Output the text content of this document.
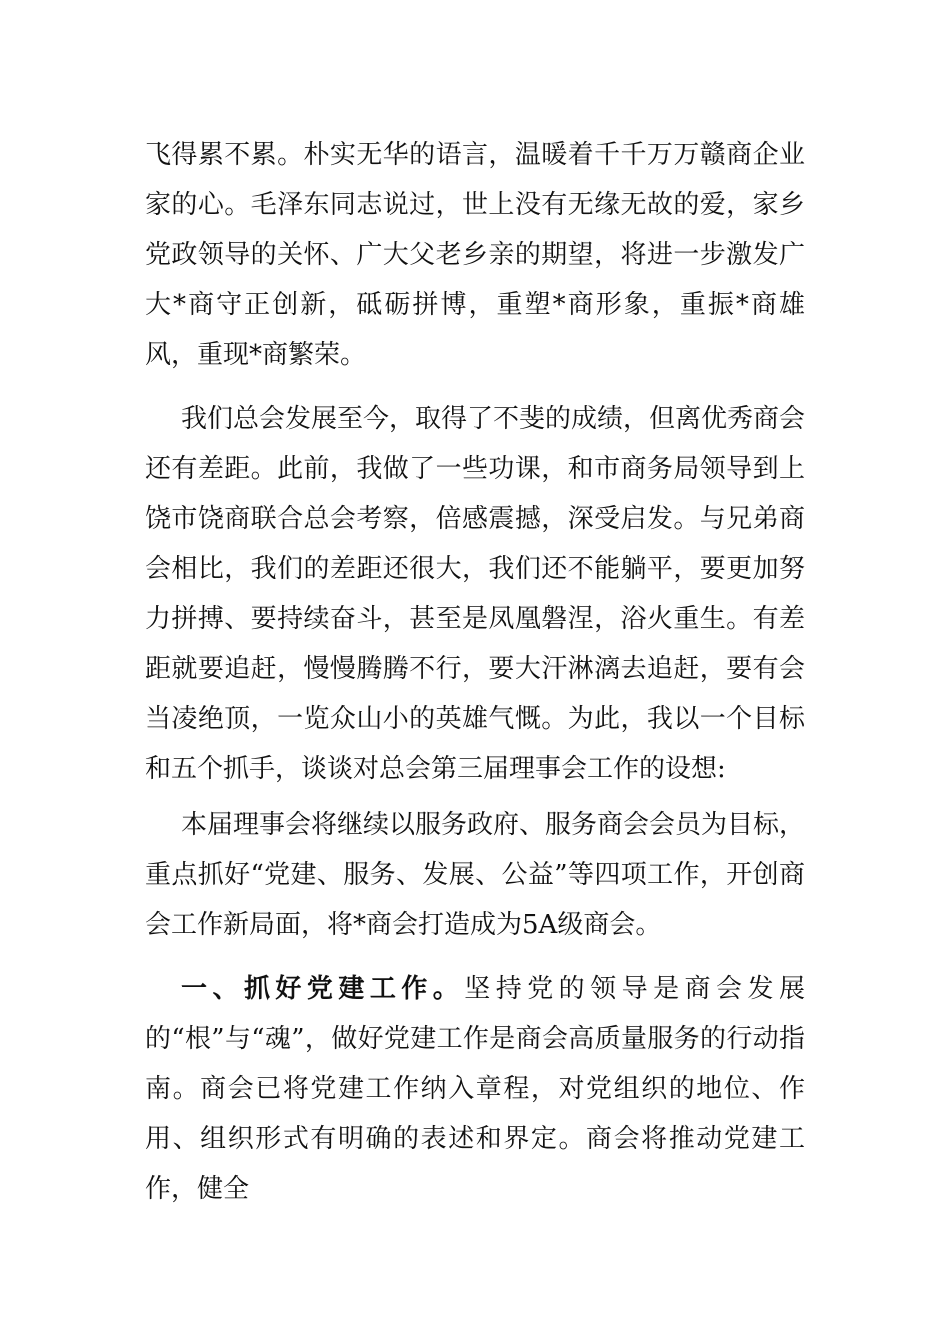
飞得累不累。朴实无华的语言，温暖着千千万万赣商企业家的心。毛泽东同志说过，世上没有无缘无故的爱，家乡党政领导的关怀、广大父老乡亲的期望，将进一步激发广大*商守正创新，砥砺拼博，重塑*商形象，重振*商雄风，重现*商繁荣。

我们总会发展至今，取得了不斐的成绩，但离优秀商会还有差距。此前，我做了一些功课，和市商务局领导到上饶市饶商联合总会考察，倍感震撼，深受启发。与兄弟商会相比，我们的差距还很大，我们还不能躺平，要更加努力拼搏、要持续奋斗，甚至是凤凰磐涅，浴火重生。有差距就要追赶，慢慢腾腾不行，要大汗淋漓去追赶，要有会当凌绝顶，一览众山小的英雄气慨。为此，我以一个目标和五个抓手，谈谈对总会第三届理事会工作的设想:

本届理事会将继续以服务政府、服务商会会员为目标，重点抓好“党建、服务、发展、公益”等四项工作，开创商会工作新局面，将*商会打造成为5A级商会。

一、抓好党建工作。坚持党的领导是商会发展的“根”与“魂”，做好党建工作是商会高质量服务的行动指南。商会已将党建工作纳入章程，对党组织的地位、作用、组织形式有明确的表述和界定。商会将推动党建工作，健全
